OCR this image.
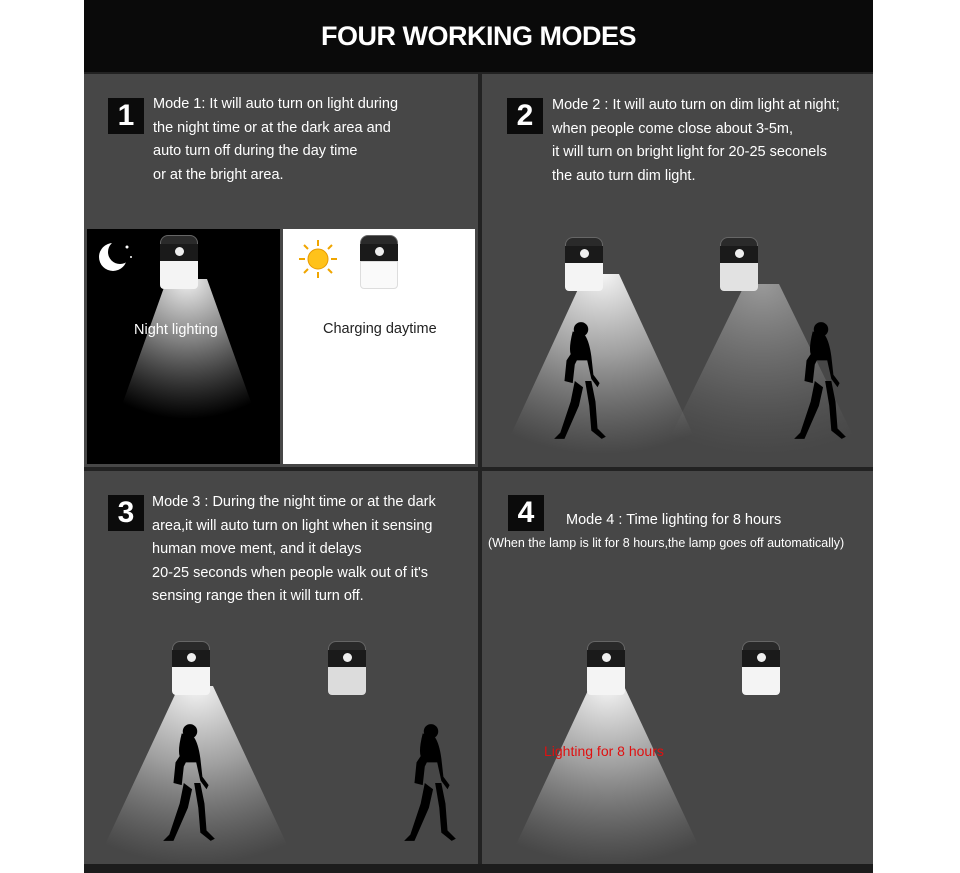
FOUR WORKING MODES
1	Mode 1: It will auto turn on light during
the night time or at the dark area and
auto turn off during the day time
or at the bright area.
Night lighting	Charging daytime
2	Mode 2 : It will auto turn on dim light at night;
when people come close about 3-5m,
it will turn on bright light for 20-25 seconels
the auto turn dim light.
3	Mode 3 : During the night time or at the dark
area,it will auto turn on light when it sensing
human move ment, and it delays
20-25 seconds when people walk out of it's
sensing range then it will turn off.
4	Mode 4 : Time lighting for 8 hours
(When the lamp is lit for 8 hours,the lamp goes off automatically)
Lighting for 8 hours
